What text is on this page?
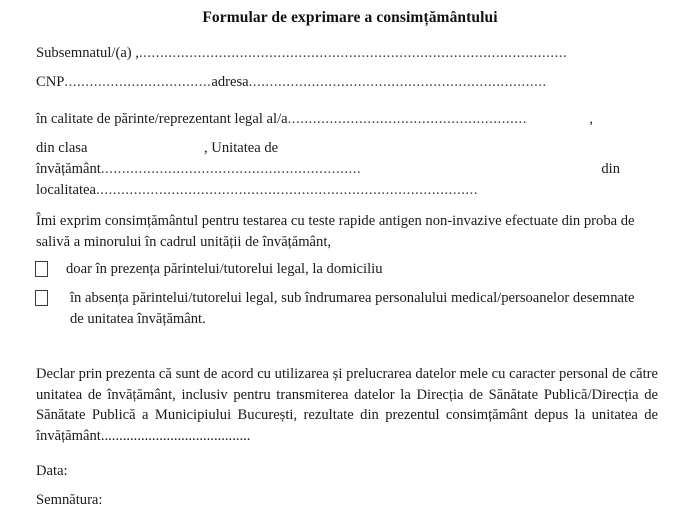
Formular de exprimare a consimțământului
Subsemnatul/(a) , ......................................................................................................
CNP ................................... adresa .......................................................................
în calitate de părinte/reprezentant legal al/a .........................................................	,
din clasa	, Unitatea de
învățământ ..............................................................	din
localitatea ...........................................................................................
Îmi exprim consimțământul pentru testarea cu teste rapide antigen non-invazive efectuate din proba de salivă a minorului în cadrul unității de învățământ,
doar în prezența părintelui/tutorelui legal, la domiciliu
în absența părintelui/tutorelui legal, sub îndrumarea personalului medical/persoanelor desemnate de unitatea învățământ.
Declar prin prezenta că sunt de acord cu utilizarea și prelucrarea datelor mele cu caracter personal de către unitatea de învățământ, inclusiv pentru transmiterea datelor la Direcția de Sănătate Publică/Direcția de Sănătate Publică a Municipiului București, rezultate din prezentul consimțământ depus la unitatea de învățământ.........................................
Data:
Semnătura:
